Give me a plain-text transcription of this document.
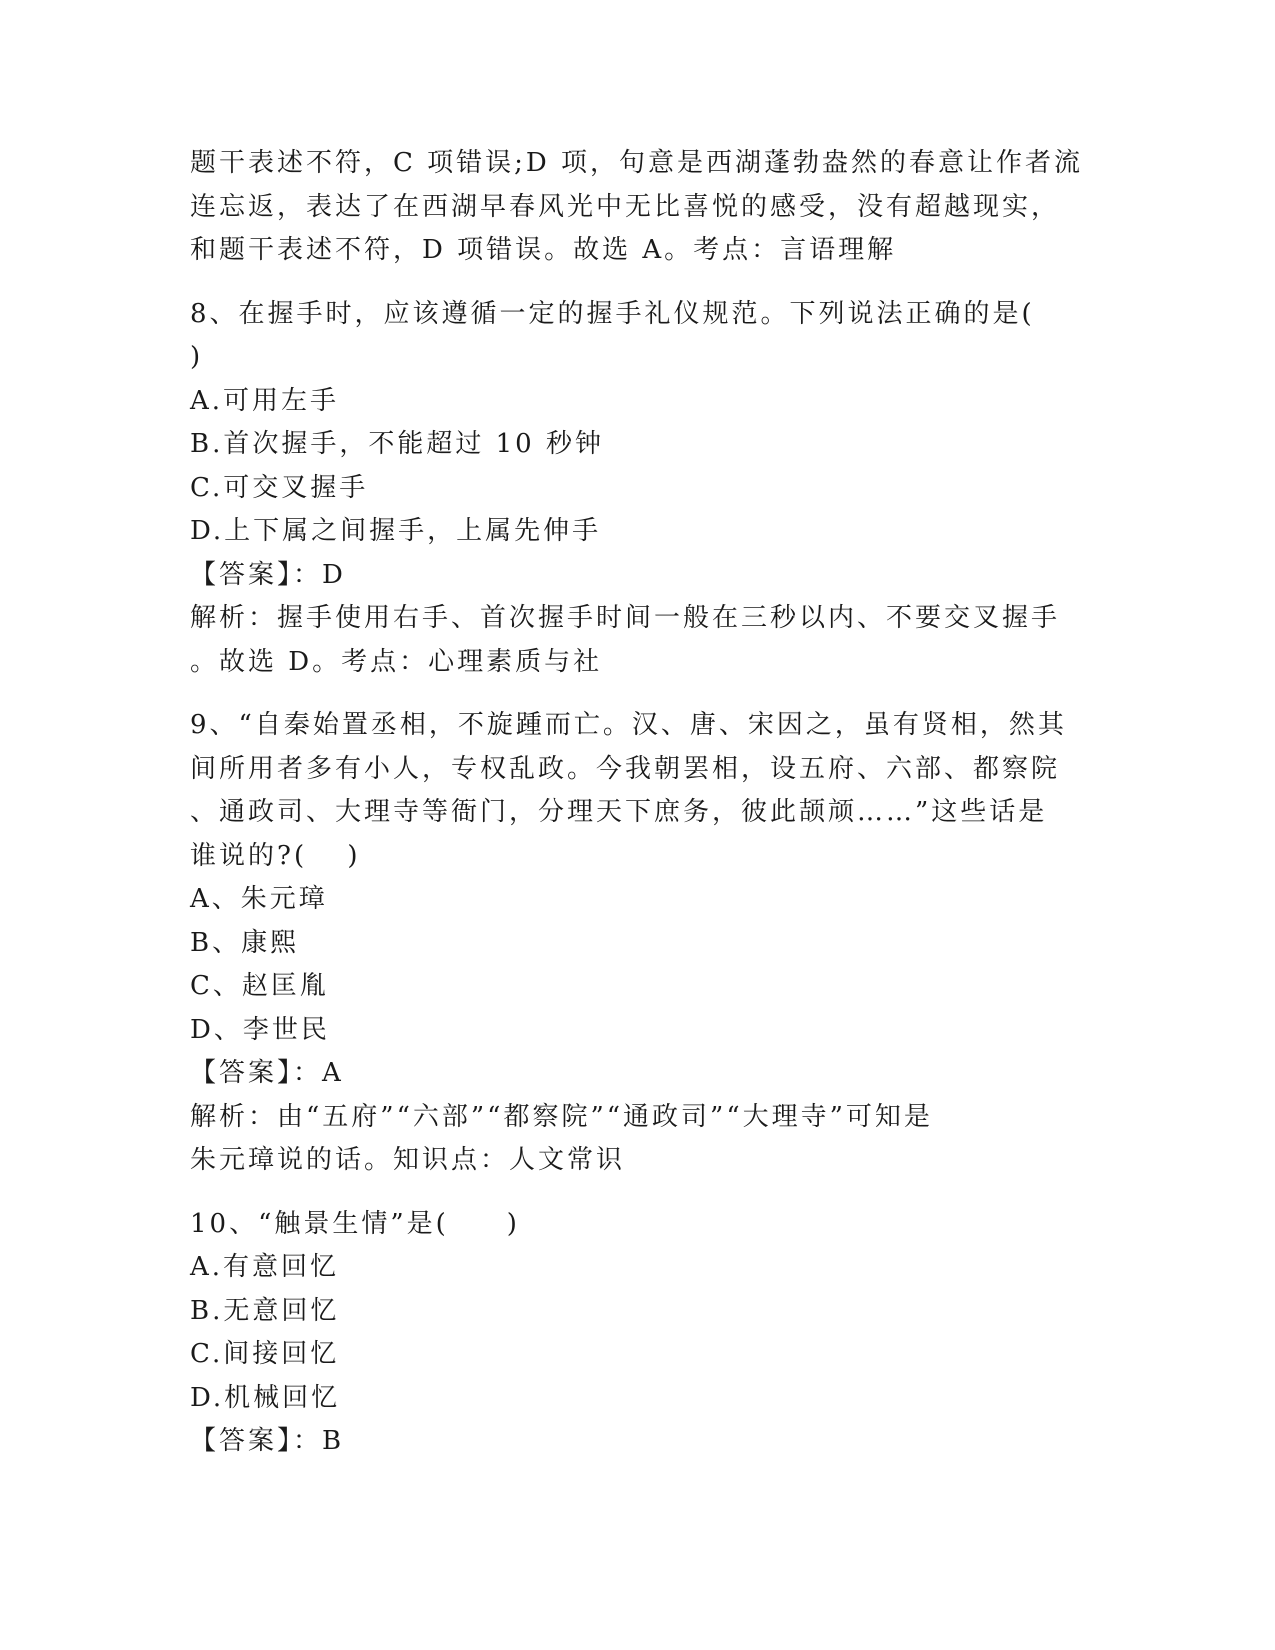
题干表述不符，C 项错误;D 项，句意是西湖蓬勃盎然的春意让作者流
连忘返，表达了在西湖早春风光中无比喜悦的感受，没有超越现实，
和题干表述不符，D 项错误。故选 A。考点：言语理解
8、在握手时，应该遵循一定的握手礼仪规范。下列说法正确的是(
)
A.可用左手
B.首次握手，不能超过 10 秒钟
C.可交叉握手
D.上下属之间握手，上属先伸手
【答案】：D
解析：握手使用右手、首次握手时间一般在三秒以内、不要交叉握手
。故选 D。考点：心理素质与社
9、“自秦始置丞相，不旋踵而亡。汉、唐、宋因之，虽有贤相，然其
间所用者多有小人，专权乱政。今我朝罢相，设五府、六部、都察院
、通政司、大理寺等衙门，分理天下庶务，彼此颉颃……”这些话是
谁说的?(　 )
A、朱元璋
B、康熙
C、赵匡胤
D、李世民
【答案】：A
解析：由“五府”“六部”“都察院”“通政司”“大理寺”可知是
朱元璋说的话。知识点：人文常识
10、“触景生情”是(　　)
A.有意回忆
B.无意回忆
C.间接回忆
D.机械回忆
【答案】：B
